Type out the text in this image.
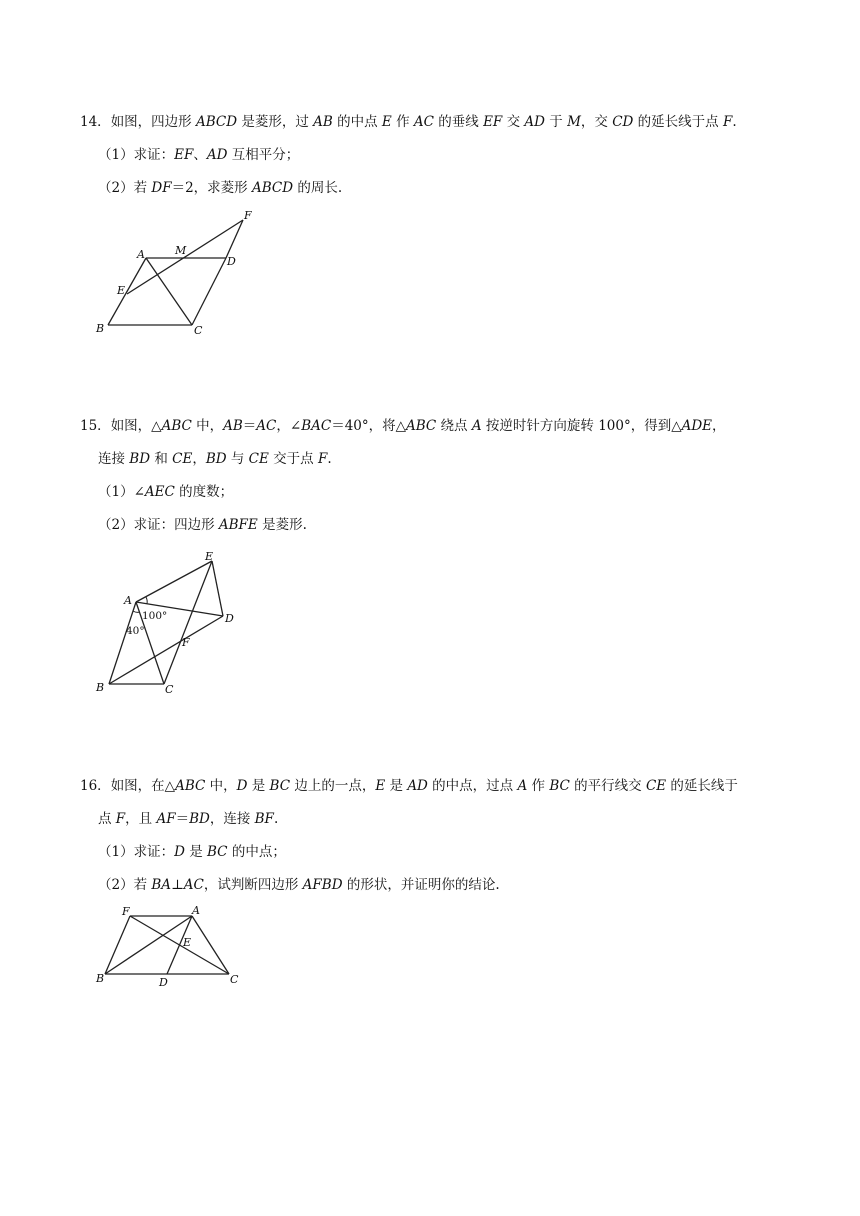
14．如图，四边形 ABCD 是菱形，过 AB 的中点 E 作 AC 的垂线 EF 交 AD 于 M，交 CD 的延长线于点 F.
（1）求证：EF、AD 互相平分；
（2）若 DF＝2，求菱形 ABCD 的周长.
A	M
D
F
E
B	C
15．如图，△ABC 中，AB＝AC，∠BAC＝40°，将△ABC 绕点 A 按逆时针方向旋转 100°，得到△ADE，
连接 BD 和 CE，BD 与 CE 交于点 F.
（1）∠AEC 的度数；
（2）求证：四边形 ABFE 是菱形.
A
E
D
F
B	C
100°
40°
16．如图，在△ABC 中，D 是 BC 边上的一点，E 是 AD 的中点，过点 A 作 BC 的平行线交 CE 的延长线于
点 F，且 AF＝BD，连接 BF.
（1）求证：D 是 BC 的中点；
（2）若 BA⊥AC，试判断四边形 AFBD 的形状，并证明你的结论.
F	A
E
B	D	C
